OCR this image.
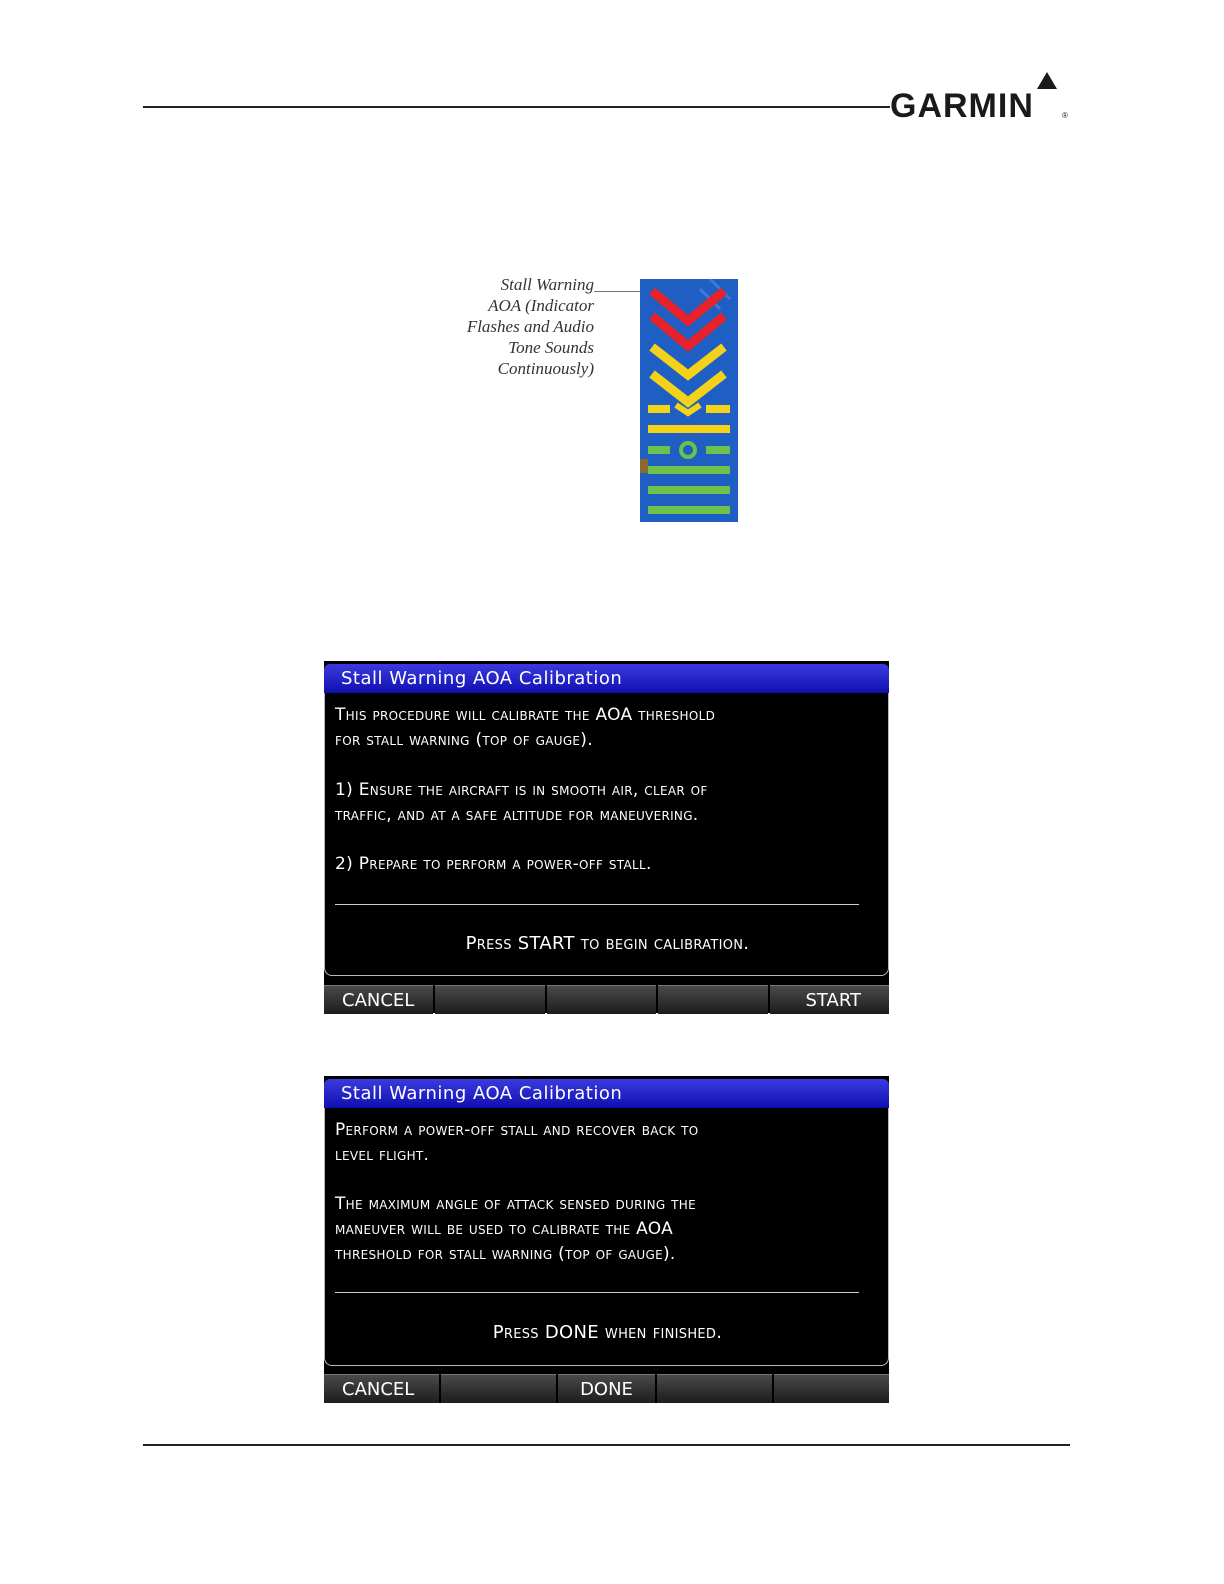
GARMIN	®
Stall Warning
AOA (Indicator
Flashes and Audio
Tone Sounds
Continuously)
Stall Warning AOA Calibration
This procedure will calibrate the AOA threshold
for stall warning (top of gauge).
1) Ensure the aircraft is in smooth air, clear of
traffic, and at a safe altitude for maneuvering.
2) Prepare to perform a power-off stall.
Press START to begin calibration.
CANCEL	START
Stall Warning AOA Calibration
Perform a power-off stall and recover back to
level flight.
The maximum angle of attack sensed during the
maneuver will be used to calibrate the AOA
threshold for stall warning (top of gauge).
Press DONE when finished.
CANCEL	DONE
